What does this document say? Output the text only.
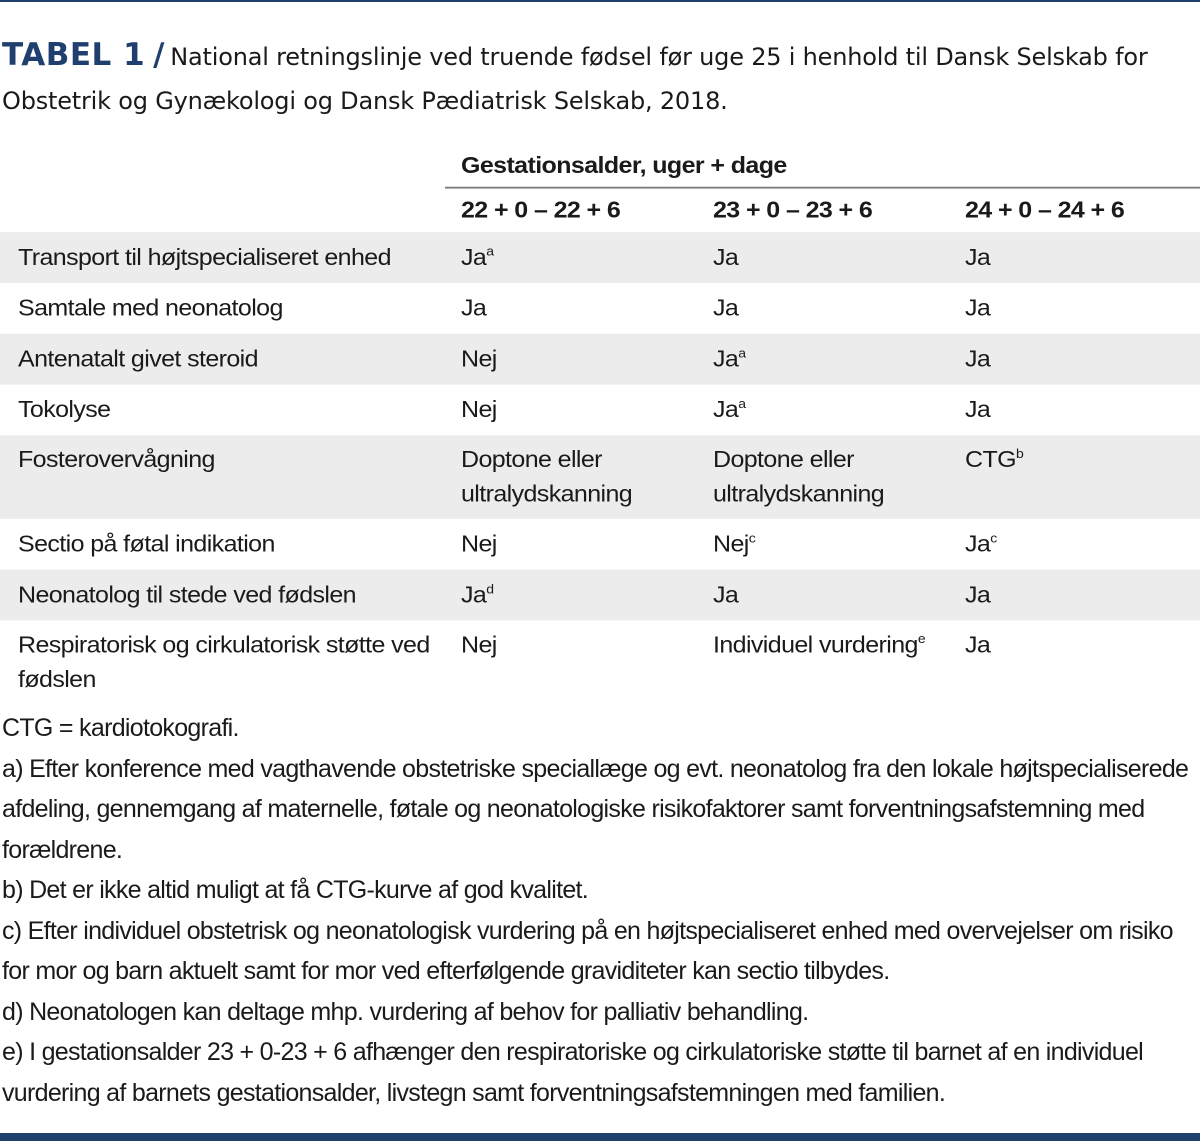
TABEL 1 / National retningslinje ved truende fødsel før uge 25 i henhold til Dansk Selskab for Obstetrik og Gynækologi og Dansk Pædiatrisk Selskab, 2018.
	Gestationsalder, uger + dage		
	22 + 0 – 22 + 6	23 + 0 – 23 + 6	24 + 0 – 24 + 6
Transport til højtspecialiseret enhed	Ja$^a$	Ja	Ja
Samtale med neonatolog	Ja	Ja	Ja
Antenatalt givet steroid	Nej	Ja$^a$	Ja
Tokolyse	Nej	Ja$^a$	Ja
Fosterovervågning	Doptone eller ultralydskanning	Doptone eller ultralydskanning	CTG$^b$
Sectio på føtal indikation	Nej	Nej$^c$	Ja$^c$
Neonatolog til stede ved fødslen	Ja$^d$	Ja	Ja
Respiratorisk og cirkulatorisk støtte ved fødslen	Nej	Individuel vurdering$^e$	Ja

CTG = kardiotokografi.

a) Efter konference med vagthavende obstetriske speciallæge og evt. neonatolog fra den lokale højtspecialiserede afdeling, gennemgang af maternelle, føtale og neonatologiske risikofaktorer samt forventningsafstemning med forældrene.

b) Det er ikke altid muligt at få CTG-kurve af god kvalitet.

c) Efter individuel obstetrisk og neonatologisk vurdering på en højtspecialiseret enhed med overvejelser om risiko for mor og barn aktuelt samt for mor ved efterfølgende graviditeter kan sectio tilbydes.

d) Neonatologen kan deltage mhp. vurdering af behov for palliativ behandling.

e) I gestationsalder 23 + 0-23 + 6 afhænger den respiratoriske og cirkulatoriske støtte til barnet af en individuel vurdering af barnets gestationsalder, livstegn samt forventningsafstemningen med familien.
